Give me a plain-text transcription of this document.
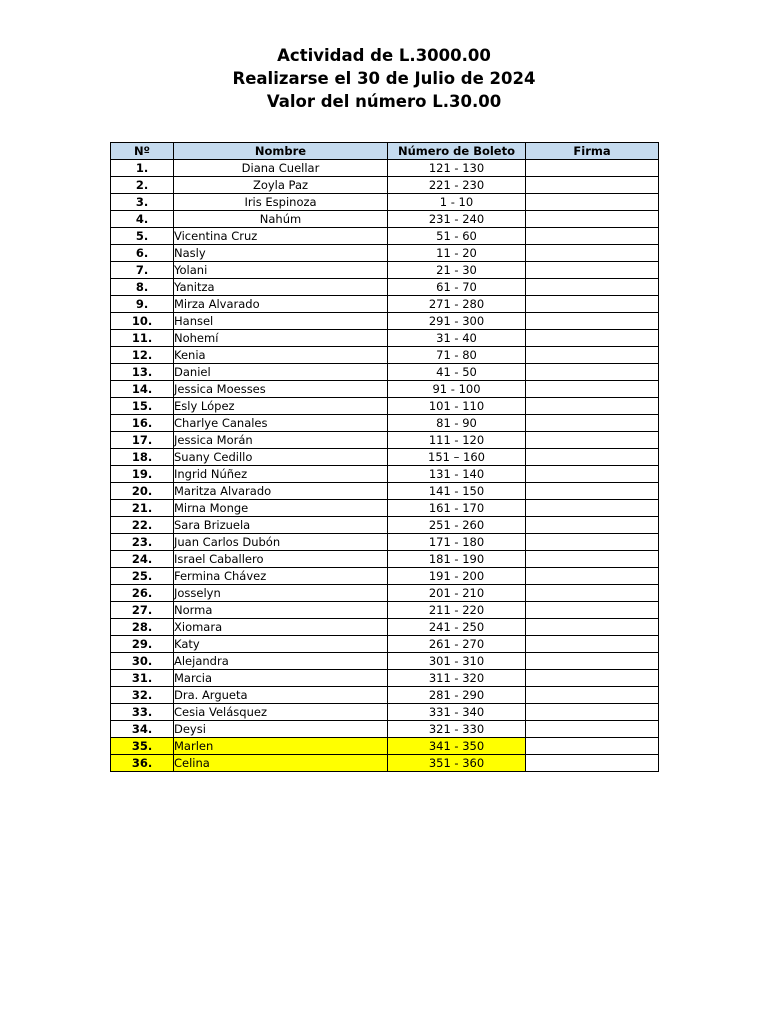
Actividad de L.3000.00
Realizarse el 30 de Julio de 2024
Valor del número L.30.00
Nº	Nombre	Número de Boleto	Firma
1.	Diana Cuellar	121 - 130	
2.	Zoyla Paz	221 - 230	
3.	Iris Espinoza	1 - 10	
4.	Nahúm	231 - 240	
5.	Vicentina Cruz	51 - 60	
6.	Nasly	11 - 20	
7.	Yolani	21 - 30	
8.	Yanitza	61 - 70	
9.	Mirza Alvarado	271 - 280	
10.	Hansel	291 - 300	
11.	Nohemí	31 - 40	
12.	Kenia	71 - 80	
13.	Daniel	41 - 50	
14.	Jessica Moesses	91 - 100	
15.	Esly López	101 - 110	
16.	Charlye Canales	81 - 90	
17.	Jessica Morán	111 - 120	
18.	Suany Cedillo	151 – 160	
19.	Ingrid Núñez	131 - 140	
20.	Maritza Alvarado	141 - 150	
21.	Mirna Monge	161 - 170	
22.	Sara Brizuela	251 - 260	
23.	Juan Carlos Dubón	171 - 180	
24.	Israel Caballero	181 - 190	
25.	Fermina Chávez	191 - 200	
26.	Josselyn	201 - 210	
27.	Norma	211 - 220	
28.	Xiomara	241 - 250	
29.	Katy	261 - 270	
30.	Alejandra	301 - 310	
31.	Marcia	311 - 320	
32.	Dra. Argueta	281 - 290	
33.	Cesia Velásquez	331 - 340	
34.	Deysi	321 - 330	
35.	Marlen	341 - 350	
36.	Celina	351 - 360	
